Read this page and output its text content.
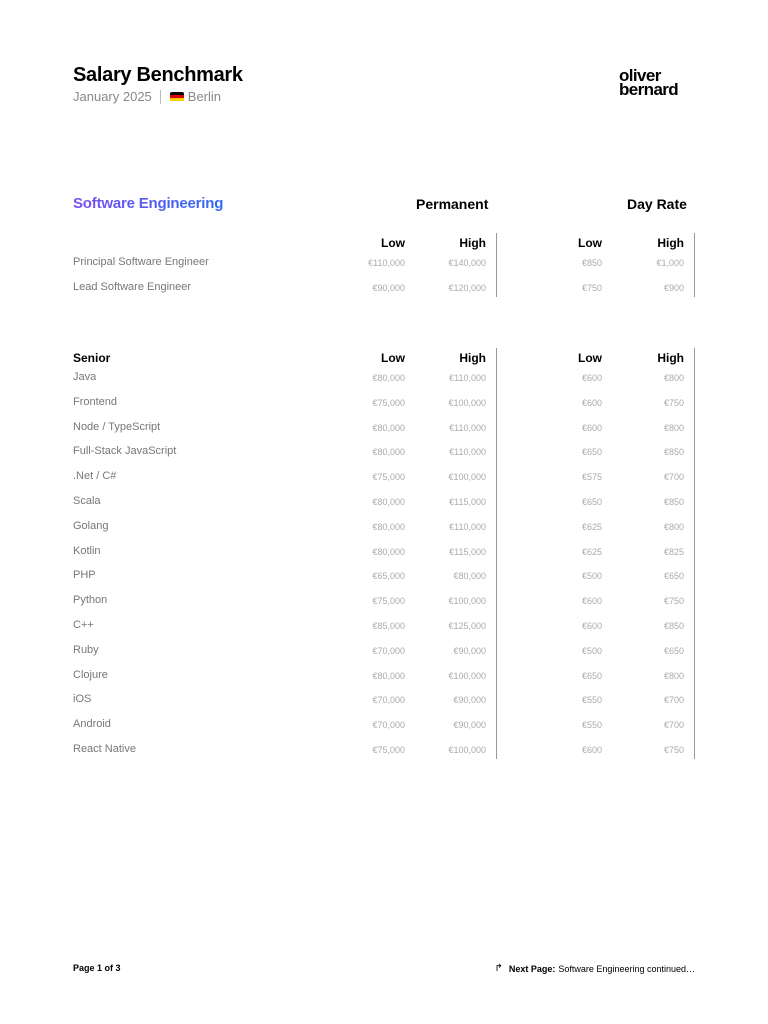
Salary Benchmark
January 2025	Berlin
oliver
bernard
Software Engineering	Permanent	Day Rate
Low	High	Low	High
Principal Software Engineer	€110,000	€140,000	€850	€1,000
Lead Software Engineer	€90,000	€120,000	€750	€900
Senior	Low	High	Low	High
Java	€80,000	€110,000	€600	€800
Frontend	€75,000	€100,000	€600	€750
Node / TypeScript	€80,000	€110,000	€600	€800
Full-Stack JavaScript	€80,000	€110,000	€650	€850
.Net / C#	€75,000	€100,000	€575	€700
Scala	€80,000	€115,000	€650	€850
Golang	€80,000	€110,000	€625	€800
Kotlin	€80,000	€115,000	€625	€825
PHP	€65,000	€80,000	€500	€650
Python	€75,000	€100,000	€600	€750
C++	€85,000	€125,000	€600	€850
Ruby	€70,000	€90,000	€500	€650
Clojure	€80,000	€100,000	€650	€800
iOS	€70,000	€90,000	€550	€700
Android	€70,000	€90,000	€550	€700
React Native	€75,000	€100,000	€600	€750
Page 1 of 3	↱ Next Page: Software Engineering continued…
